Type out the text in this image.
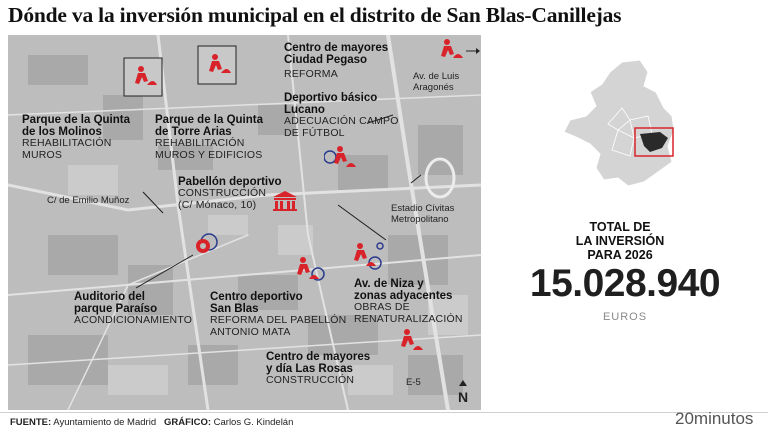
Dónde va la inversión municipal en el distrito de San Blas-Canillejas
Parque de la Quinta
de los Molinos
REHABILITACIÓN
MUROS
Parque de la Quinta
de Torre Arias
REHABILITACIÓN
MUROS Y EDIFICIOS
Centro de mayores
Ciudad Pegaso
REFORMA
Deportivo básico
Lucano
ADECUACIÓN CAMPO
DE FÚTBOL
Pabellón deportivo
CONSTRUCCIÓN
(C/ Mónaco, 10)
Auditorio del
parque Paraíso
ACONDICIONAMIENTO
Centro deportivo
San Blas
REFORMA DEL PABELLÓN
ANTONIO MATA
Av. de Niza y
zonas adyacentes
OBRAS DE
RENATURALIZACIÓN
Centro de mayores
y día Las Rosas
CONSTRUCCIÓN
C/ de Emilio Muñoz
Av. de Luis
Aragonés
Estadio Cívitas
Metropolitano
E-5
N
TOTAL DE
LA INVERSIÓN
PARA 2026
15.028.940
EUROS
FUENTE: Ayuntamiento de Madrid GRÁFICO: Carlos G. Kindelán	20minutos
